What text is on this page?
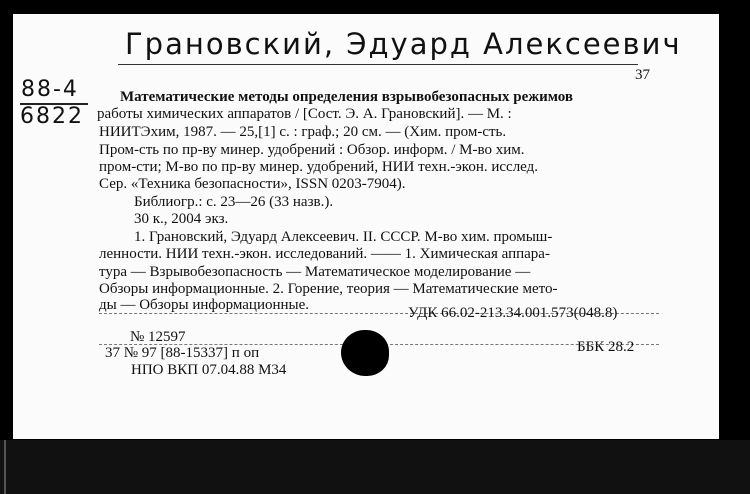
Грановский, Эдуард Алексеевич
88-4
6822
37
Математические методы определения взрывобезопасных режимов
работы химических аппаратов / [Сост. Э. А. Грановский]. — М. :
НИИТЭхим, 1987. — 25,[1] с. : граф.; 20 см. — (Хим. пром-сть.
Пром-сть по пр-ву минер. удобрений : Обзор. информ. / М-во хим.
пром-сти; М-во по пр-ву минер. удобрений, НИИ техн.-экон. исслед.
Сер. «Техника безопасности», ISSN 0203-7904).
Библиогр.: с. 23—26 (33 назв.).
30 к., 2004 экз.
1. Грановский, Эдуард Алексеевич. II. СССР. М-во хим. промыш-
ленности. НИИ техн.-экон. исследований. —— 1. Химическая аппара-
тура — Взрывобезопасность — Математическое моделирование —
Обзоры информационные. 2. Горение, теория — Математические мето-
ды — Обзоры информационные.	УДК 66.02-213.34.001.573(048.8)
№ 12597
37 № 97 [88-15337] п оп
НПО ВКП 07.04.88 М34
ББК 28.2
